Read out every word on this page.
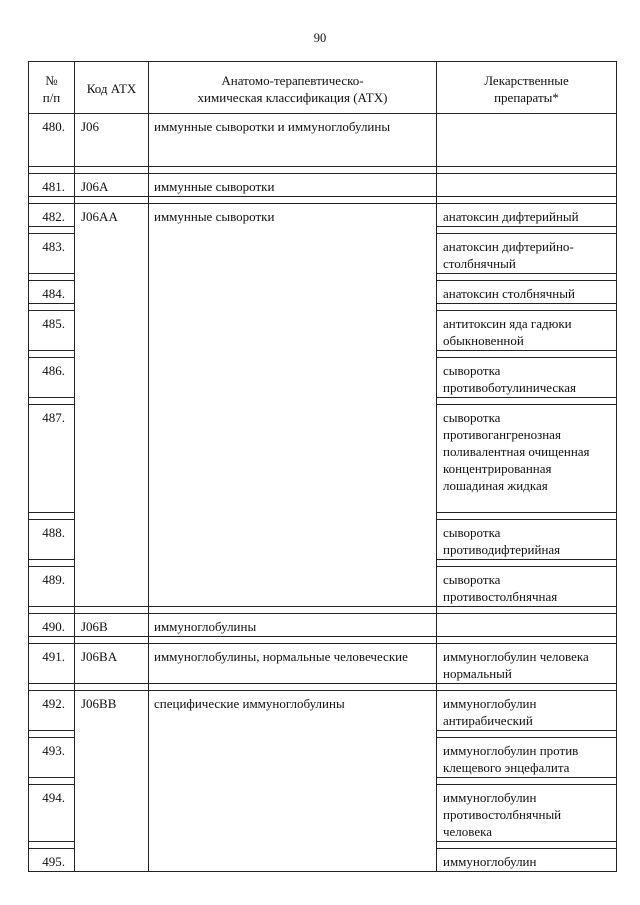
90
№
п/п	Код АТХ	Анатомо-терапевтическо-химическая классификация (АТХ)	Лекарственные препараты*
480.	J06	иммунные сыворотки и иммуноглобулины	

481.	J06A	иммунные сыворотки	

482.	J06AA	иммунные сыворотки	анатоксин дифтерийный

483.			анатоксин дифтерийно-столбнячный

484.			анатоксин столбнячный

485.			антитоксин яда гадюки обыкновенной

486.			сыворотка противоботулиническая

487.			сыворотка противогангренозная поливалентная очищенная концентрированная лошадиная жидкая

488.			сыворотка противодифтерийная

489.			сыворотка противостолбнячная

490.	J06B	иммуноглобулины	

491.	J06BA	иммуноглобулины, нормальные человеческие	иммуноглобулин человека нормальный

492.	J06BB	специфические иммуноглобулины	иммуноглобулин антирабический

493.			иммуноглобулин против клещевого энцефалита

494.			иммуноглобулин противостолбнячный человека

495.			иммуноглобулин
